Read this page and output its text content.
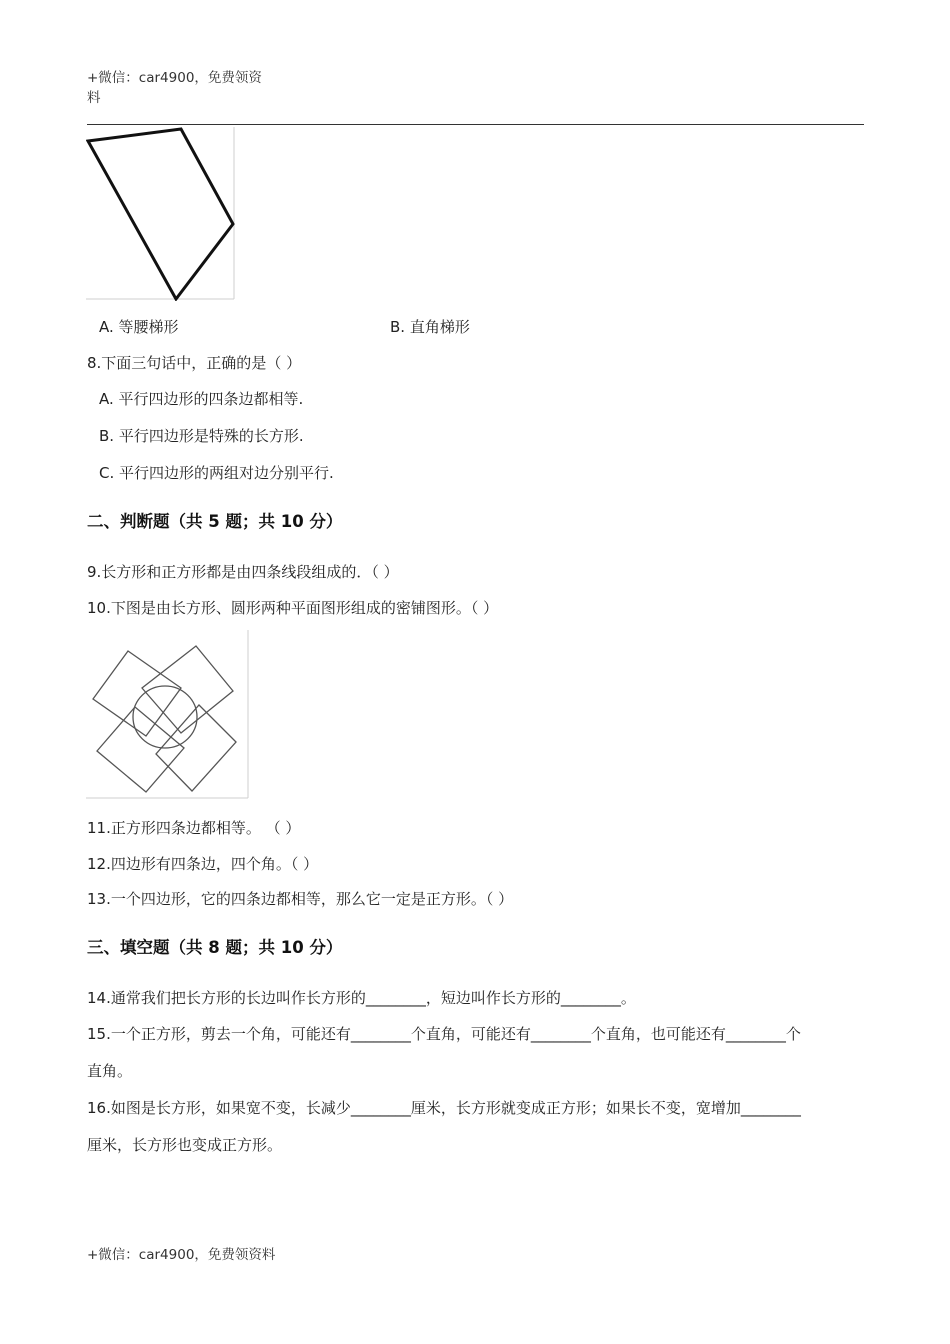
+微信：car4900，免费领资
料
A. 等腰梯形	B. 直角梯形
8.下面三句话中，正确的是（ ）
A. 平行四边形的四条边都相等.
B. 平行四边形是特殊的长方形.
C. 平行四边形的两组对边分别平行.
二、判断题（共 5 题；共 10 分）
9.长方形和正方形都是由四条线段组成的．（ ）
10.下图是由长方形、圆形两种平面图形组成的密铺图形。（ ）
11.正方形四条边都相等。 （ ）
12.四边形有四条边，四个角。（ ）
13.一个四边形，它的四条边都相等，那么它一定是正方形。（ ）
三、填空题（共 8 题；共 10 分）
14.通常我们把长方形的长边叫作长方形的________，短边叫作长方形的________。
15.一个正方形，剪去一个角，可能还有________个直角，可能还有________个直角，也可能还有________个
直角。
16.如图是长方形，如果宽不变，长减少________厘米，长方形就变成正方形；如果长不变，宽增加________
厘米，长方形也变成正方形。
+微信：car4900，免费领资料
